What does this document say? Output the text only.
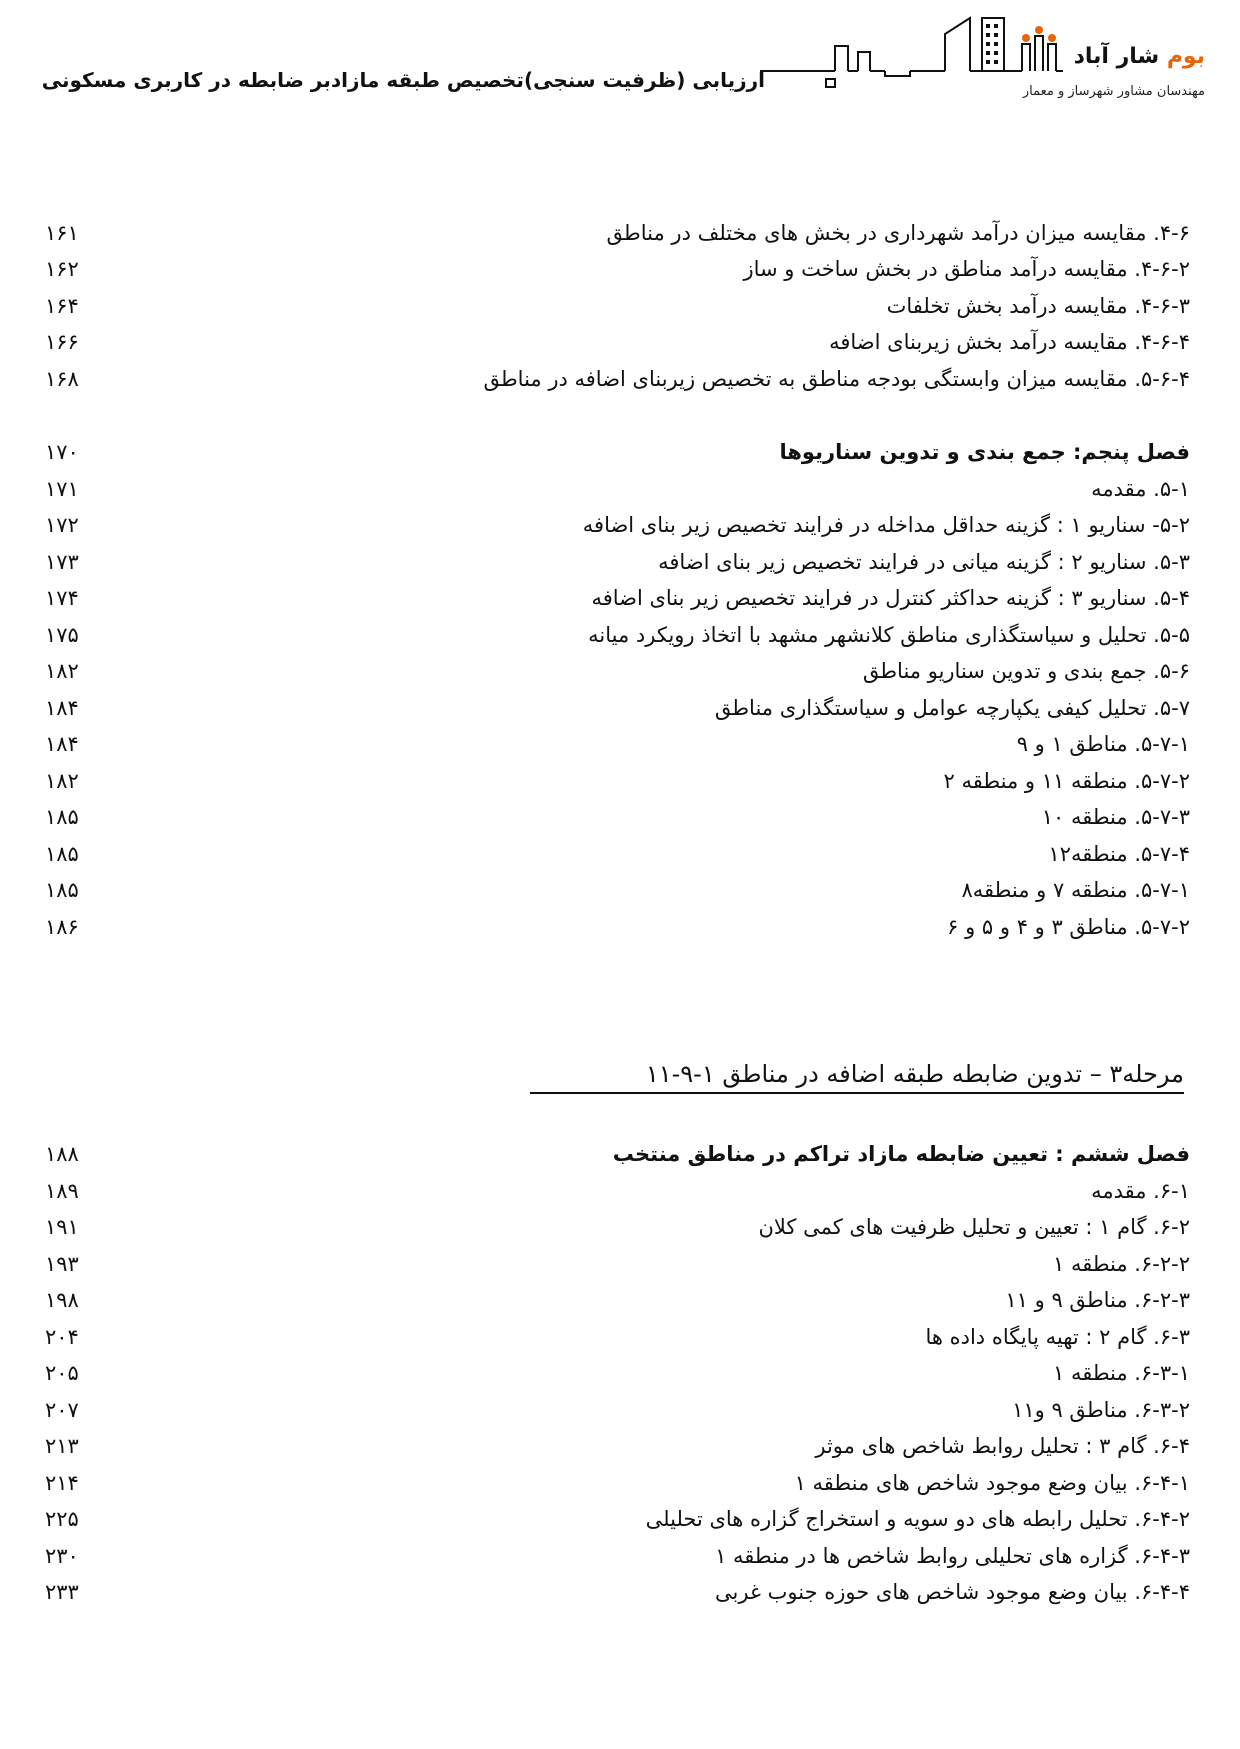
ارزیابی (ظرفیت سنجی)تخصیص طبقه مازادبر ضابطه در کاربری مسکونی
بوم شار آباد
مهندسان مشاور شهرساز و معمار
۴-۶. مقایسه میزان درآمد شهرداری در بخش های مختلف در مناطق
۱۶۱
۴-۶-۲. مقایسه درآمد مناطق در بخش ساخت و ساز
۱۶۲
۴-۶-۳. مقایسه درآمد بخش تخلفات
۱۶۴
۴-۶-۴. مقایسه درآمد بخش زیربنای اضافه
۱۶۶
۵-۶-۴. مقایسه میزان وابستگی بودجه مناطق به تخصیص زیربنای اضافه در مناطق
۱۶۸
فصل پنجم: جمع بندی و تدوین سناریوها
۱۷۰
۵-۱. مقدمه
۱۷۱
۵-۲- سناریو ۱ : گزینه حداقل مداخله در فرایند تخصیص زیر بنای اضافه
۱۷۲
۵-۳. سناریو ۲ : گزینه میانی در فرایند تخصیص زیر بنای اضافه
۱۷۳
۵-۴. سناریو ۳ : گزینه حداکثر کنترل در فرایند تخصیص زیر بنای اضافه
۱۷۴
۵-۵. تحلیل و سیاستگذاری مناطق کلانشهر مشهد با اتخاذ رویکرد میانه
۱۷۵
۵-۶. جمع بندی و تدوین سناریو مناطق
۱۸۲
۵-۷. تحلیل کیفی یکپارچه عوامل و سیاستگذاری مناطق
۱۸۴
۵-۷-۱. مناطق ۱ و ۹
۱۸۴
۵-۷-۲. منطقه ۱۱ و منطقه ۲
۱۸۲
۵-۷-۳. منطقه ۱۰
۱۸۵
۵-۷-۴. منطقه۱۲
۱۸۵
۵-۷-۱. منطقه ۷ و منطقه۸
۱۸۵
۵-۷-۲. مناطق ۳ و ۴ و ۵ و ۶
۱۸۶
مرحله۳ – تدوین ضابطه طبقه اضافه در مناطق ۱-۹-۱۱
فصل ششم : تعیین ضابطه مازاد تراکم در مناطق منتخب
۱۸۸
۶-۱. مقدمه
۱۸۹
۶-۲. گام ۱ : تعیین و تحلیل ظرفیت های کمی کلان
۱۹۱
۶-۲-۲. منطقه ۱
۱۹۳
۶-۲-۳. مناطق ۹ و ۱۱
۱۹۸
۶-۳. گام ۲ : تهیه پایگاه داده ها
۲۰۴
۶-۳-۱. منطقه ۱
۲۰۵
۶-۳-۲. مناطق ۹ و۱۱
۲۰۷
۶-۴. گام ۳ : تحلیل روابط شاخص های موثر
۲۱۳
۶-۴-۱. بیان وضع موجود شاخص های منطقه ۱
۲۱۴
۶-۴-۲. تحلیل رابطه های دو سویه و استخراج گزاره های تحلیلی
۲۲۵
۶-۴-۳. گزاره های تحلیلی روابط شاخص ها در منطقه ۱
۲۳۰
۶-۴-۴. بیان وضع موجود شاخص های حوزه جنوب غربی
۲۳۳
